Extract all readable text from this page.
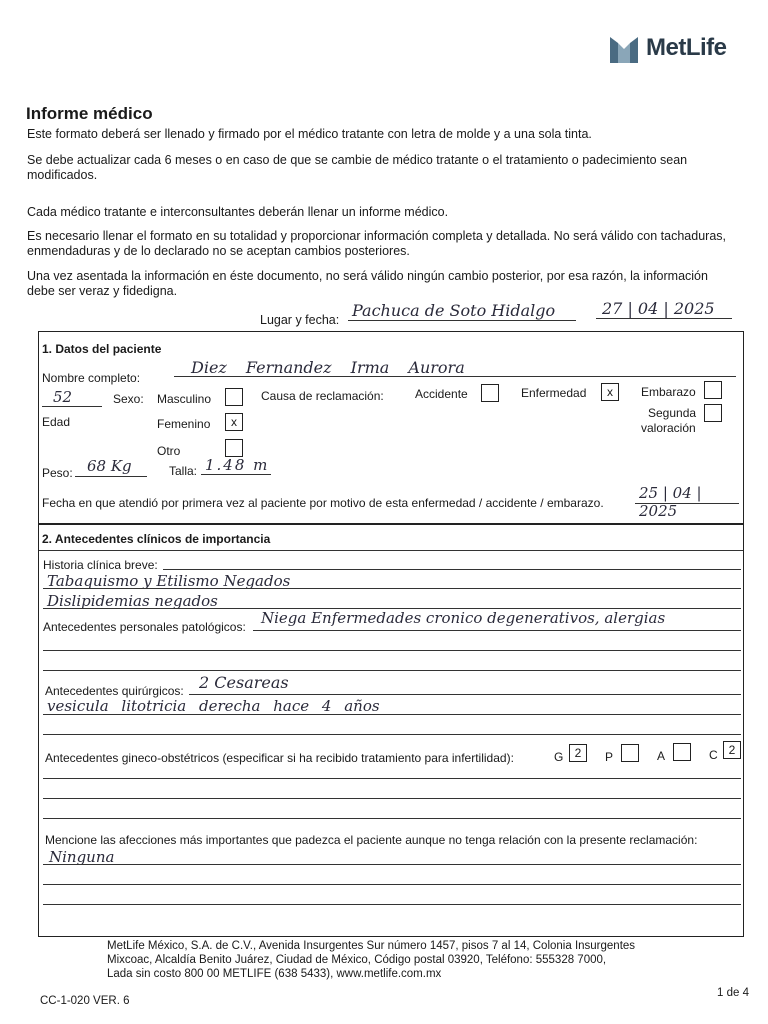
MetLife
Informe médico
Este formato deberá ser llenado y firmado por el médico tratante con letra de molde y a una sola tinta.
Se debe actualizar cada 6 meses o en caso de que se cambie de médico tratante o el tratamiento o padecimiento sean modificados.
Cada médico tratante e interconsultantes deberán llenar un informe médico.
Es necesario llenar el formato en su totalidad y proporcionar información completa y detallada. No será válido con tachaduras, enmendaduras y de lo declarado no se aceptan cambios posteriores.
Una vez asentada la información en éste documento, no será válido ningún cambio posterior, por esa razón, la información debe ser veraz y fidedigna.
Lugar y fecha: Pachuca de Soto Hidalgo	27 | 04 | 2025
1. Datos del paciente
Nombre completo:
Diez Fernandez Irma Aurora
52
Edad
Sexo: Masculino
Femenino	x
Otro
Causa de reclamación:	Accidente	Enfermedad	x	Embarazo
Segunda
valoración
Peso: 68 Kg	Talla: 1.48 m
Fecha en que atendió por primera vez al paciente por motivo de esta enfermedad / accidente / embarazo.
25 | 04 | 2025
2. Antecedentes clínicos de importancia
Historia clínica breve:
Tabaquismo y Etilismo Negados
Dislipidemias negados
Antecedentes personales patológicos: Niega Enfermedades cronico degenerativos, alergias
Antecedentes quirúrgicos: 2 Cesareas
vesicula litotricia derecha hace 4 años
Antecedentes gineco-obstétricos (especificar si ha recibido tratamiento para infertilidad):	G 2	P	A	C 2
Mencione las afecciones más importantes que padezca el paciente aunque no tenga relación con la presente reclamación:
Ninguna
MetLife México, S.A. de C.V., Avenida Insurgentes Sur número 1457, pisos 7 al 14, Colonia Insurgentes
Mixcoac, Alcaldía Benito Juárez, Ciudad de México, Código postal 03920, Teléfono: 555328 7000,
Lada sin costo 800 00 METLIFE (638 5433), www.metlife.com.mx
CC-1-020 VER. 6
1 de 4
